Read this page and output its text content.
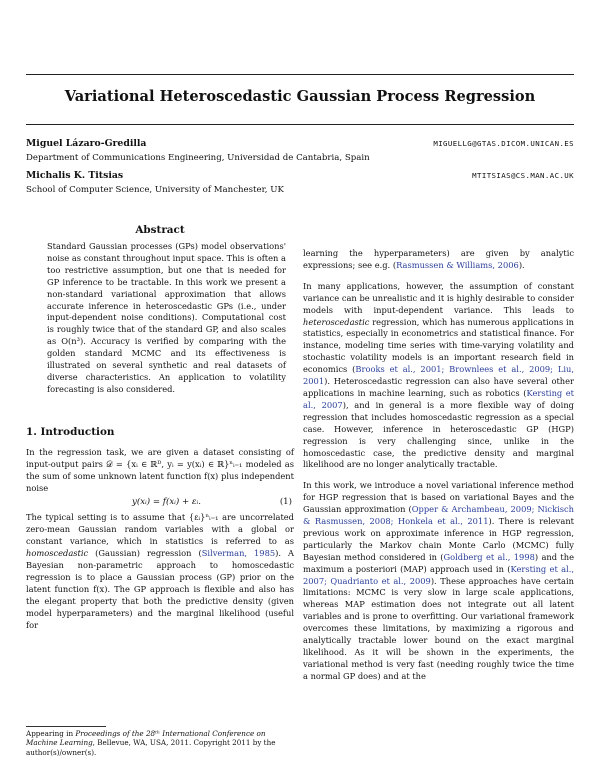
Variational Heteroscedastic Gaussian Process Regression
Miguel Lázaro-Gredilla	MIGUELLG@GTAS.DICOM.UNICAN.ES
Department of Communications Engineering, Universidad de Cantabria, Spain
Michalis K. Titsias	MTITSIAS@CS.MAN.AC.UK
School of Computer Science, University of Manchester, UK
Abstract

Standard Gaussian processes (GPs) model observations' noise as constant throughout input space. This is often a too restrictive assumption, but one that is needed for GP inference to be tractable. In this work we present a non-standard variational approximation that allows accurate inference in heteroscedastic GPs (i.e., under input-dependent noise conditions). Computational cost is roughly twice that of the standard GP, and also scales as O(n³). Accuracy is verified by comparing with the golden standard MCMC and its effectiveness is illustrated on several synthetic and real datasets of diverse characteristics. An application to volatility forecasting is also considered.

1. Introduction

In the regression task, we are given a dataset consisting of input-output pairs 𝒟 = {xᵢ ∈ ℝᴰ, yᵢ = y(xᵢ) ∈ ℝ}ⁿᵢ₌₁ modeled as the sum of some unknown latent function f(x) plus independent noise

y(xᵢ) = f(xᵢ) + εᵢ.	(1)

The typical setting is to assume that {εᵢ}ⁿᵢ₌₁ are uncorrelated zero-mean Gaussian random variables with a global or constant variance, which in statistics is referred to as homoscedastic (Gaussian) regression (Silverman, 1985). A Bayesian non-parametric approach to homoscedastic regression is to place a Gaussian process (GP) prior on the latent function f(x). The GP approach is flexible and also has the elegant property that both the predictive density (given model hyperparameters) and the marginal likelihood (useful for

learning the hyperparameters) are given by analytic expressions; see e.g. (Rasmussen & Williams, 2006).

In many applications, however, the assumption of constant variance can be unrealistic and it is highly desirable to consider models with input-dependent variance. This leads to heteroscedastic regression, which has numerous applications in statistics, especially in econometrics and statistical finance. For instance, modeling time series with time-varying volatility and stochastic volatility models is an important research field in economics (Brooks et al., 2001; Brownlees et al., 2009; Liu, 2001). Heteroscedastic regression can also have several other applications in machine learning, such as robotics (Kersting et al., 2007), and in general is a more flexible way of doing regression that includes homoscedastic regression as a special case. However, inference in heteroscedastic GP (HGP) regression is very challenging since, unlike in the homoscedastic case, the predictive density and marginal likelihood are no longer analytically tractable.

In this work, we introduce a novel variational inference method for HGP regression that is based on variational Bayes and the Gaussian approximation (Opper & Archambeau, 2009; Nickisch & Rasmussen, 2008; Honkela et al., 2011). There is relevant previous work on approximate inference in HGP regression, particularly the Markov chain Monte Carlo (MCMC) fully Bayesian method considered in (Goldberg et al., 1998) and the maximum a posteriori (MAP) approach used in (Kersting et al., 2007; Quadrianto et al., 2009). These approaches have certain limitations: MCMC is very slow in large scale applications, whereas MAP estimation does not integrate out all latent variables and is prone to overfitting. Our variational framework overcomes these limitations, by maximizing a rigorous and analytically tractable lower bound on the exact marginal likelihood. As it will be shown in the experiments, the variational method is very fast (needing roughly twice the time a normal GP does) and at the

Appearing in Proceedings of the 28ᵗʰ International Conference on Machine Learning, Bellevue, WA, USA, 2011. Copyright 2011 by the author(s)/owner(s).
